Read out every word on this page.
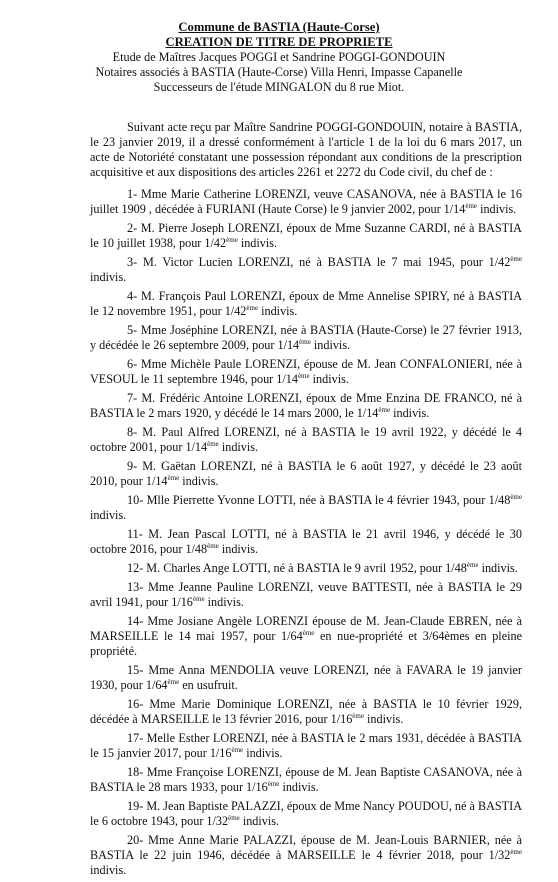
Commune de BASTIA (Haute-Corse)
CREATION DE TITRE DE PROPRIETE
Etude de Maîtres Jacques POGGI et Sandrine POGGI-GONDOUIN
Notaires associés à BASTIA (Haute-Corse) Villa Henri, Impasse Capanelle
Successeurs de l'étude MINGALON du 8 rue Miot.

Suivant acte reçu par Maître Sandrine POGGI-GONDOUIN, notaire à BASTIA, le 23 janvier 2019, il a dressé conformément à l'article 1 de la loi du 6 mars 2017, un acte de Notoriété constatant une possession répondant aux conditions de la prescription acquisitive et aux dispositions des articles 2261 et 2272 du Code civil, du chef de :

1- Mme Marie Catherine LORENZI, veuve CASANOVA, née à BASTIA le 16 juillet 1909 , décédée à FURIANI (Haute Corse) le 9 janvier 2002, pour 1/14ème indivis.

2- M. Pierre Joseph LORENZI, époux de Mme Suzanne CARDI, né à BASTIA le 10 juillet 1938, pour 1/42ème indivis.

3- M. Victor Lucien LORENZI, né à BASTIA le 7 mai 1945, pour 1/42ème indivis.

4- M. François Paul LORENZI, époux de Mme Annelise SPIRY, né à BASTIA le 12 novembre 1951, pour 1/42ème indivis.

5- Mme Joséphine LORENZI, née à BASTIA (Haute-Corse) le 27 février 1913, y décédée le 26 septembre 2009, pour 1/14ème indivis.

6- Mme Michèle Paule LORENZI, épouse de M. Jean CONFALONIERI, née à VESOUL le 11 septembre 1946, pour 1/14ème indivis.

7- M. Frédéric Antoine LORENZI, époux de Mme Enzina DE FRANCO, né à BASTIA le 2 mars 1920, y décédé le 14 mars 2000, le 1/14ème indivis.

8- M. Paul Alfred LORENZI, né à BASTIA le 19 avril 1922, y décédé le 4 octobre 2001, pour 1/14ème indivis.

9- M. Gaëtan LORENZI, né à BASTIA le 6 août 1927, y décédé le 23 août 2010, pour 1/14ème indivis.

10- Mlle Pierrette Yvonne LOTTI, née à BASTIA le 4 février 1943, pour 1/48ème indivis.

11- M. Jean Pascal LOTTI, né à BASTIA le 21 avril 1946, y décédé le 30 octobre 2016, pour 1/48ème indivis.

12- M. Charles Ange LOTTI, né à BASTIA le 9 avril 1952, pour 1/48ème indivis.

13- Mme Jeanne Pauline LORENZI, veuve BATTESTI, née à BASTIA le 29 avril 1941, pour 1/16ème indivis.

14- Mme Josiane Angèle LORENZI épouse de M. Jean-Claude EBREN, née à MARSEILLE le 14 mai 1957, pour 1/64ème en nue-propriété et 3/64èmes en pleine propriété.

15- Mme Anna MENDOLIA veuve LORENZI, née à FAVARA le 19 janvier 1930, pour 1/64ème en usufruit.

16- Mme Marie Dominique LORENZI, née à BASTIA le 10 février 1929, décédée à MARSEILLE le 13 février 2016, pour 1/16ème indivis.

17- Melle Esther LORENZI, née à BASTIA le 2 mars 1931, décédée à BASTIA le 15 janvier 2017, pour 1/16ème indivis.

18- Mme Françoise LORENZI, épouse de M. Jean Baptiste CASANOVA, née à BASTIA le 28 mars 1933, pour 1/16ème indivis.

19- M. Jean Baptiste PALAZZI, époux de Mme Nancy POUDOU, né à BASTIA le 6 octobre 1943, pour 1/32ème indivis.

20- Mme Anne Marie PALAZZI, épouse de M. Jean-Louis BARNIER, née à BASTIA le 22 juin 1946, décédée à MARSEILLE le 4 février 2018, pour 1/32ème indivis.
